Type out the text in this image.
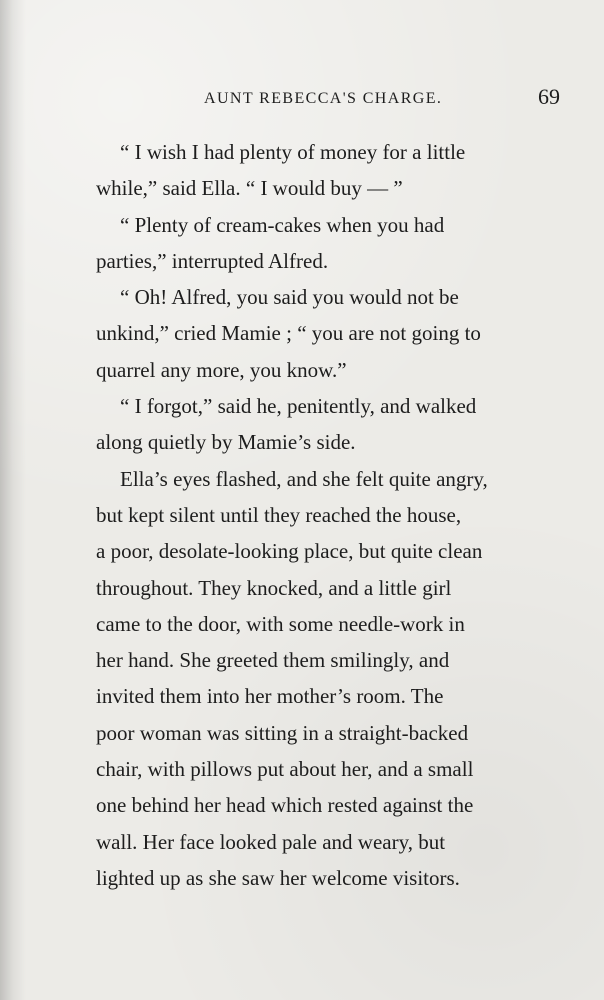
AUNT REBECCA'S CHARGE.	69
“ I wish I had plenty of money for a little
while,” said Ella. “ I would buy — ”
“ Plenty of cream-cakes when you had
parties,” interrupted Alfred.
“ Oh! Alfred, you said you would not be
unkind,” cried Mamie ; “ you are not going to
quarrel any more, you know.”
“ I forgot,” said he, penitently, and walked
along quietly by Mamie’s side.
Ella’s eyes flashed, and she felt quite angry,
but kept silent until they reached the house,
a poor, desolate-looking place, but quite clean
throughout. They knocked, and a little girl
came to the door, with some needle-work in
her hand. She greeted them smilingly, and
invited them into her mother’s room. The
poor woman was sitting in a straight-backed
chair, with pillows put about her, and a small
one behind her head which rested against the
wall. Her face looked pale and weary, but
lighted up as she saw her welcome visitors.
